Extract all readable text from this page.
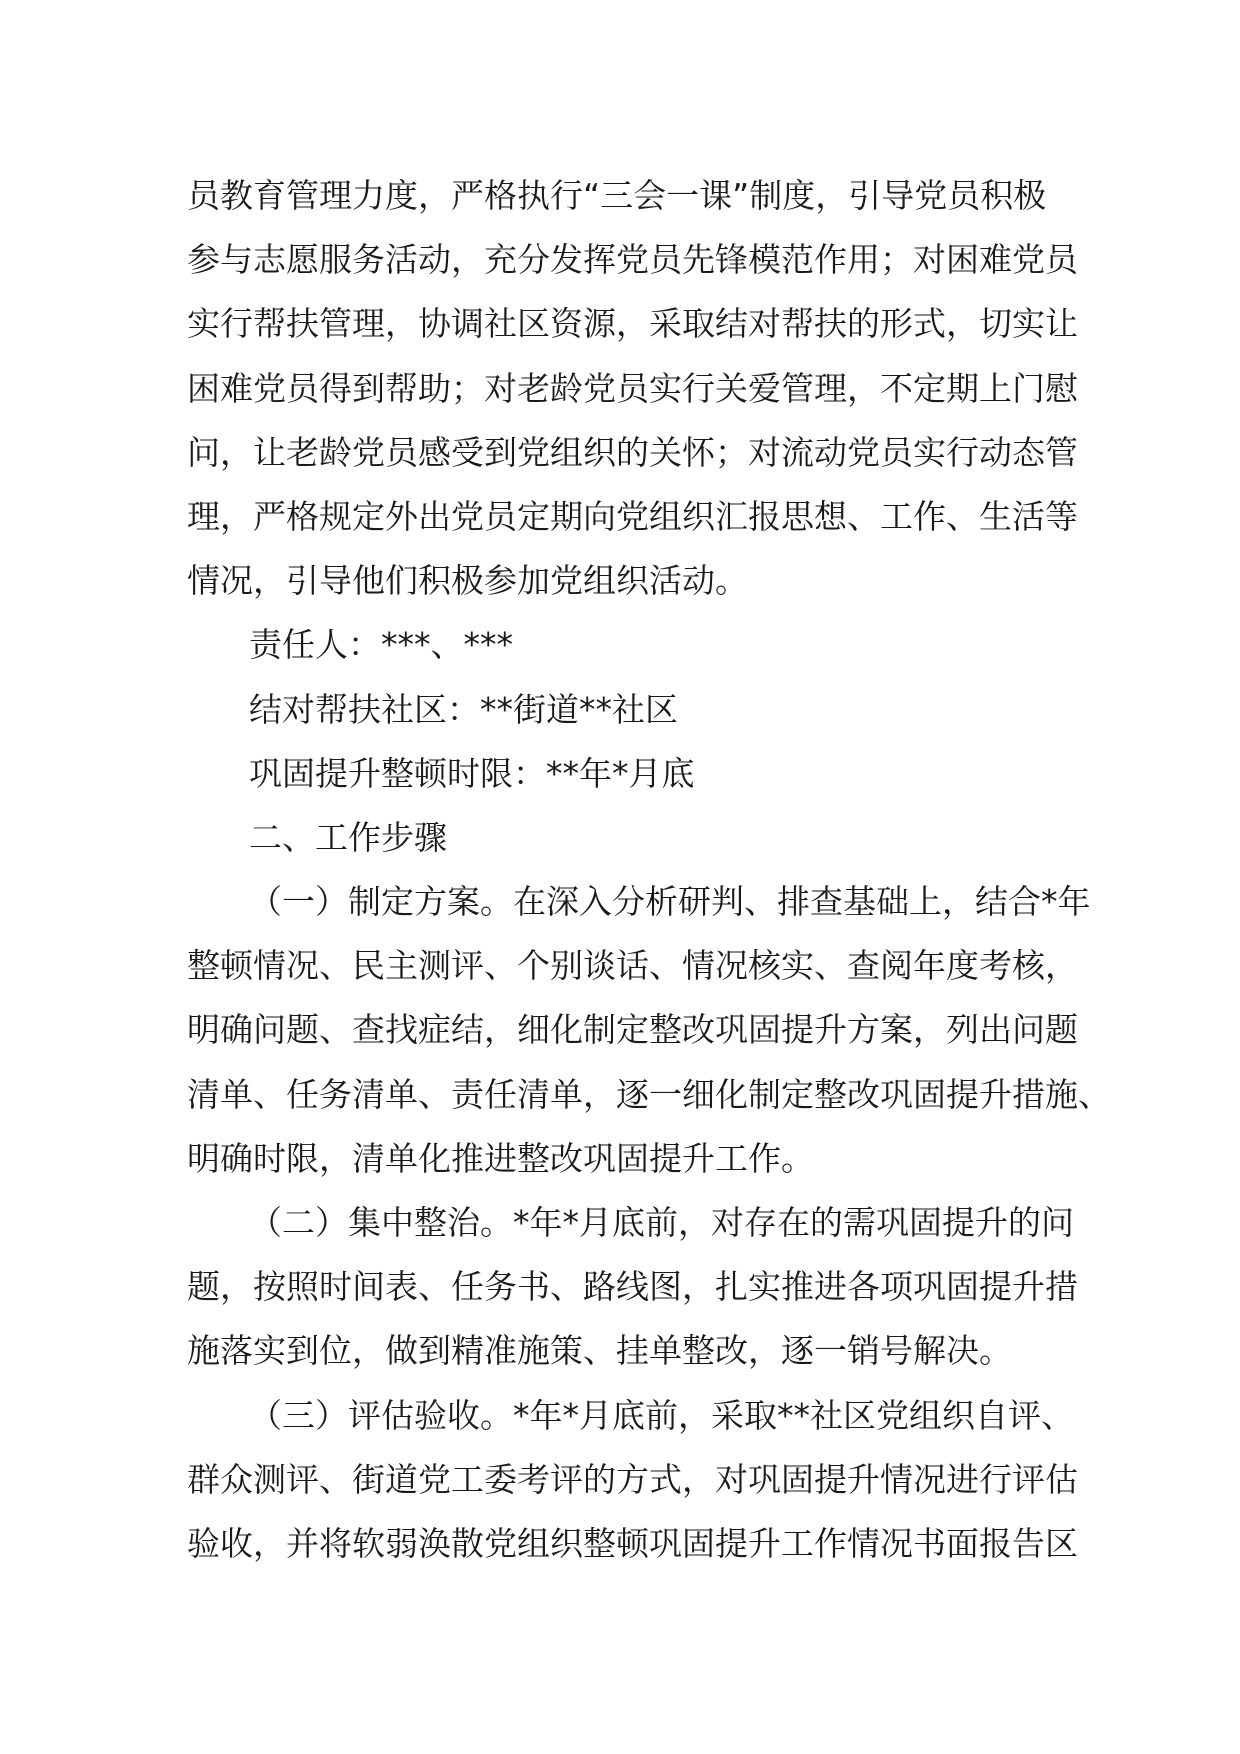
员教育管理力度，严格执行“三会一课”制度，引导党员积极
参与志愿服务活动，充分发挥党员先锋模范作用；对困难党员
实行帮扶管理，协调社区资源，采取结对帮扶的形式，切实让
困难党员得到帮助；对老龄党员实行关爱管理，不定期上门慰
问，让老龄党员感受到党组织的关怀；对流动党员实行动态管
理，严格规定外出党员定期向党组织汇报思想、工作、生活等
情况，引导他们积极参加党组织活动。
责任人：***、***
结对帮扶社区：**街道**社区
巩固提升整顿时限：**年*月底
二、工作步骤
（一）制定方案。在深入分析研判、排查基础上，结合*年
整顿情况、民主测评、个别谈话、情况核实、查阅年度考核，
明确问题、查找症结，细化制定整改巩固提升方案，列出问题
清单、任务清单、责任清单，逐一细化制定整改巩固提升措施、
明确时限，清单化推进整改巩固提升工作。
（二）集中整治。*年*月底前，对存在的需巩固提升的问
题，按照时间表、任务书、路线图，扎实推进各项巩固提升措
施落实到位，做到精准施策、挂单整改，逐一销号解决。
（三）评估验收。*年*月底前，采取**社区党组织自评、
群众测评、街道党工委考评的方式，对巩固提升情况进行评估
验收，并将软弱涣散党组织整顿巩固提升工作情况书面报告区
